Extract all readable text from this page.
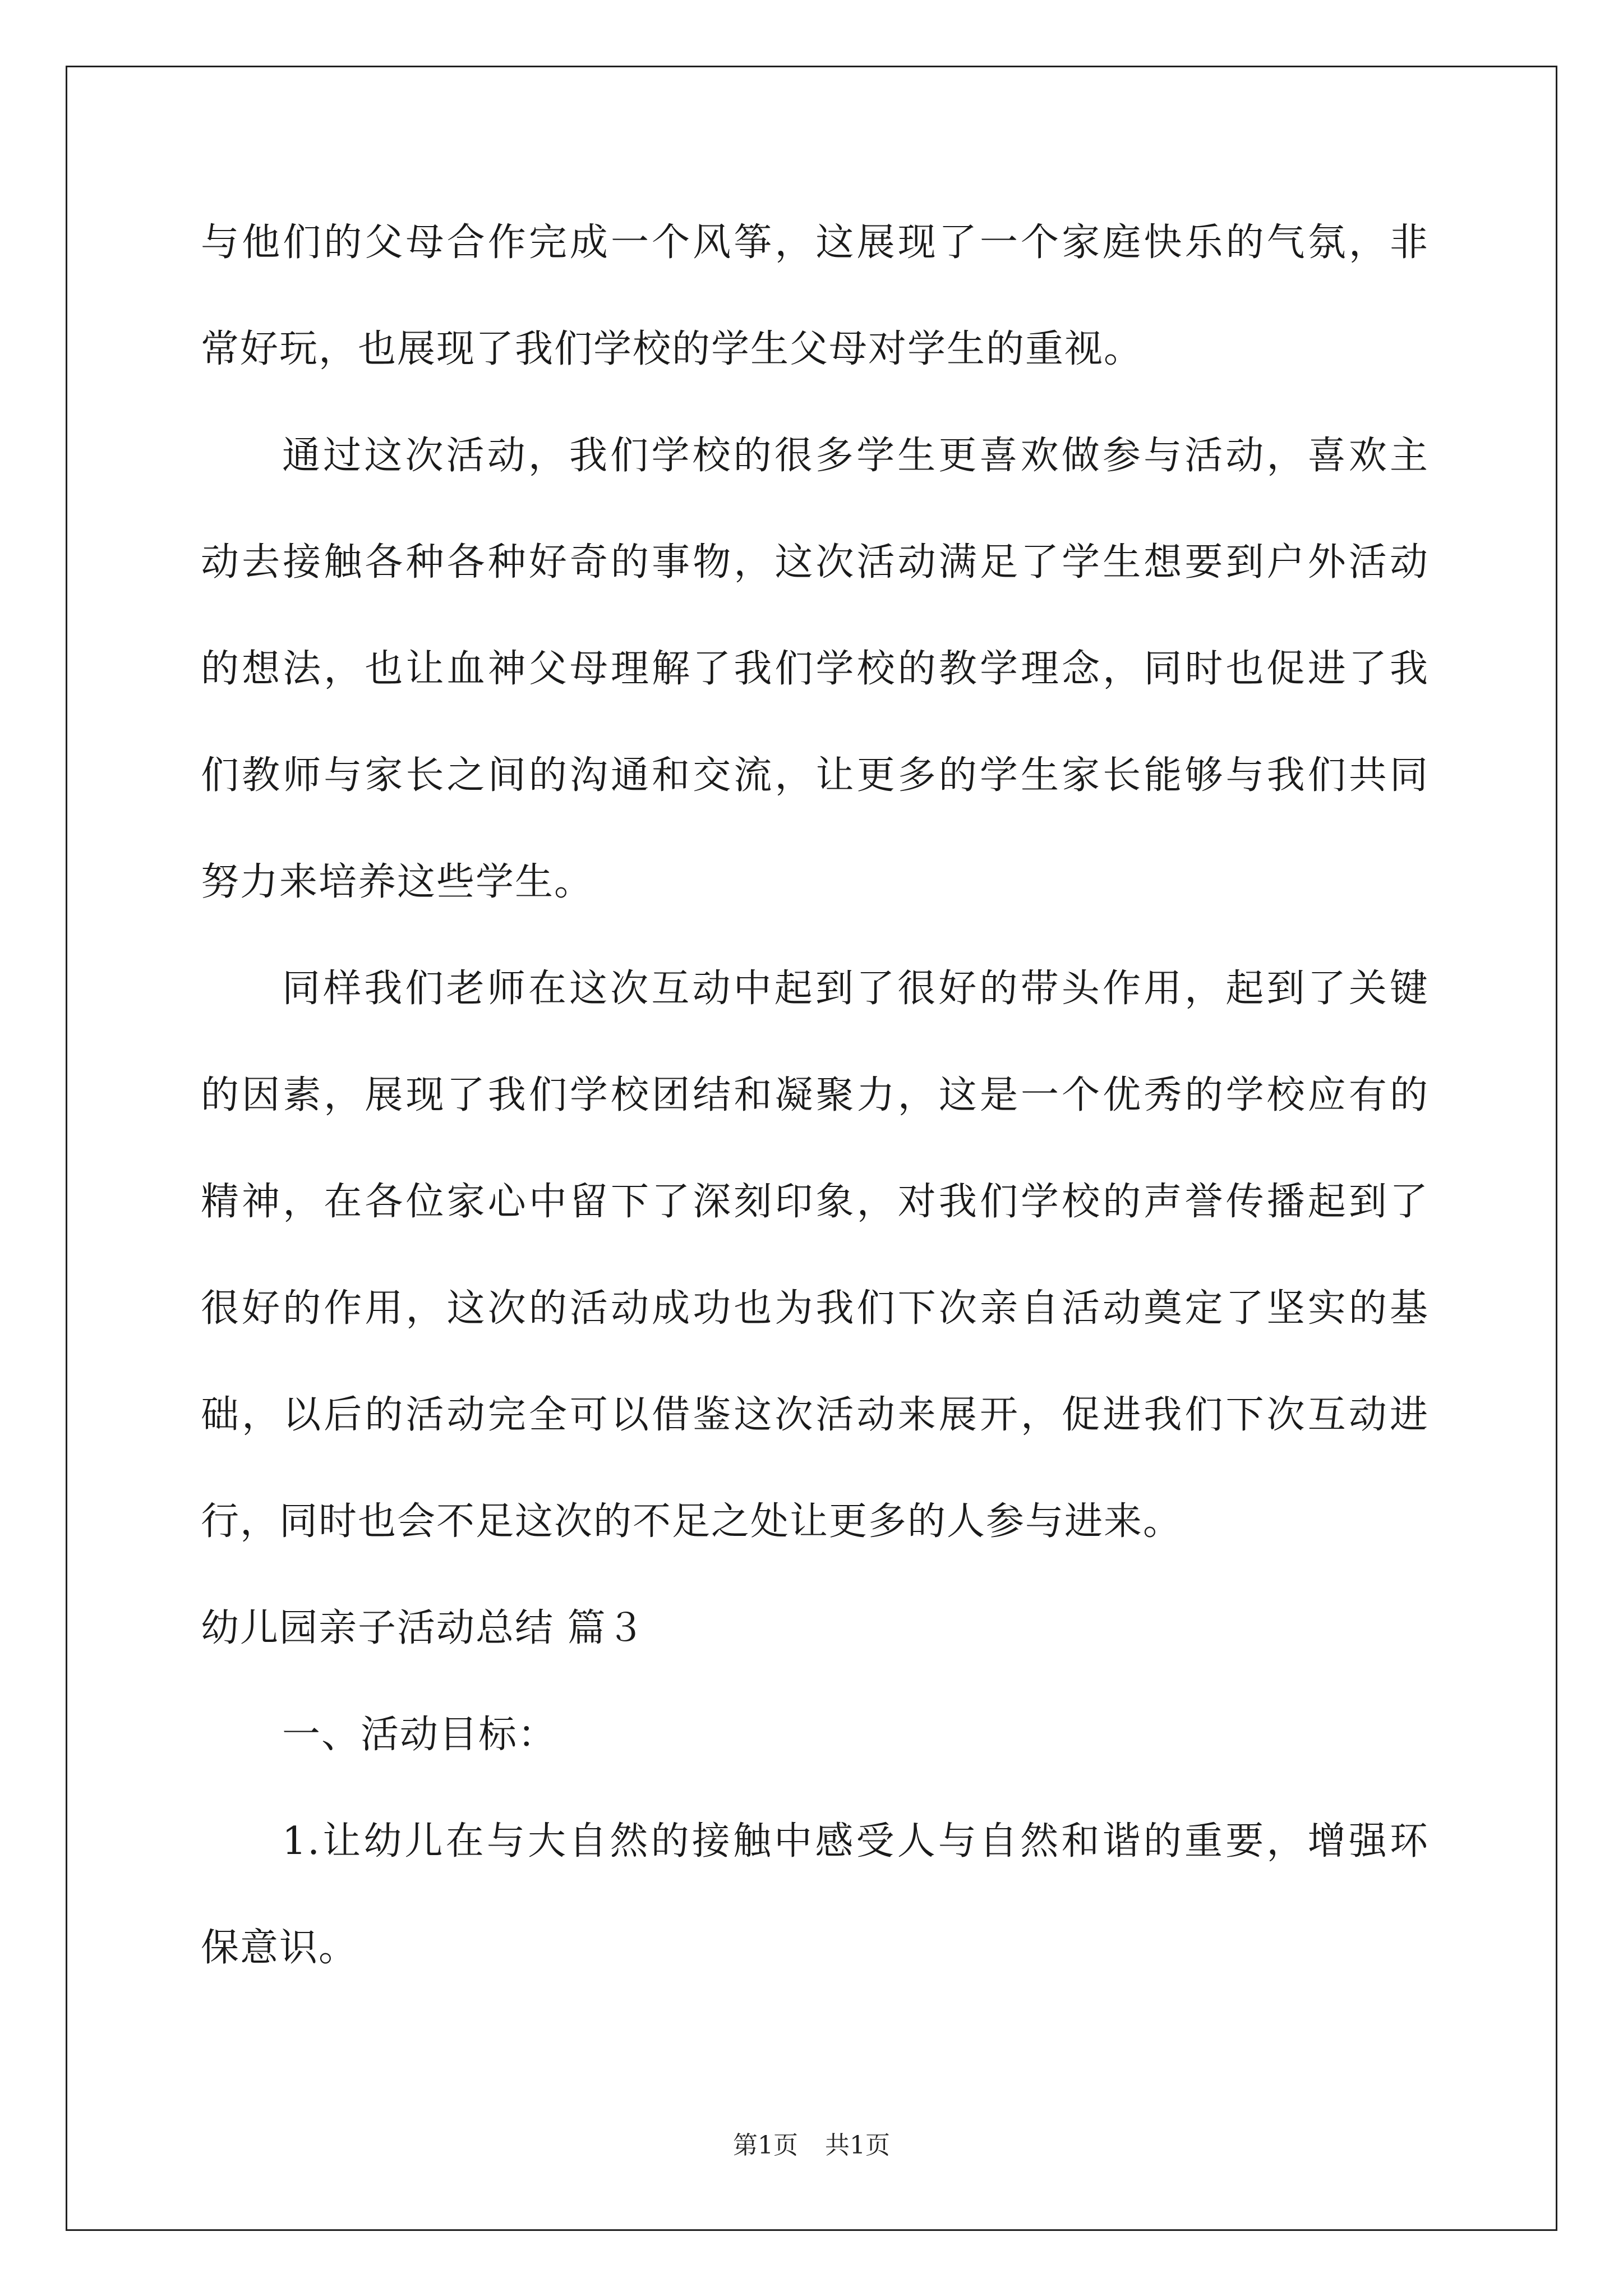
与他们的父母合作完成一个风筝，这展现了一个家庭快乐的气氛，非
常好玩，也展现了我们学校的学生父母对学生的重视。
通过这次活动，我们学校的很多学生更喜欢做参与活动，喜欢主
动去接触各种各种好奇的事物，这次活动满足了学生想要到户外活动
的想法，也让血神父母理解了我们学校的教学理念，同时也促进了我
们教师与家长之间的沟通和交流，让更多的学生家长能够与我们共同
努力来培养这些学生。
同样我们老师在这次互动中起到了很好的带头作用，起到了关键
的因素，展现了我们学校团结和凝聚力，这是一个优秀的学校应有的
精神，在各位家心中留下了深刻印象，对我们学校的声誉传播起到了
很好的作用，这次的活动成功也为我们下次亲自活动奠定了坚实的基
础，以后的活动完全可以借鉴这次活动来展开，促进我们下次互动进
行，同时也会不足这次的不足之处让更多的人参与进来。
幼儿园亲子活动总结 篇３
一、活动目标：
1.让幼儿在与大自然的接触中感受人与自然和谐的重要，增强环
保意识。
第1页 共1页
